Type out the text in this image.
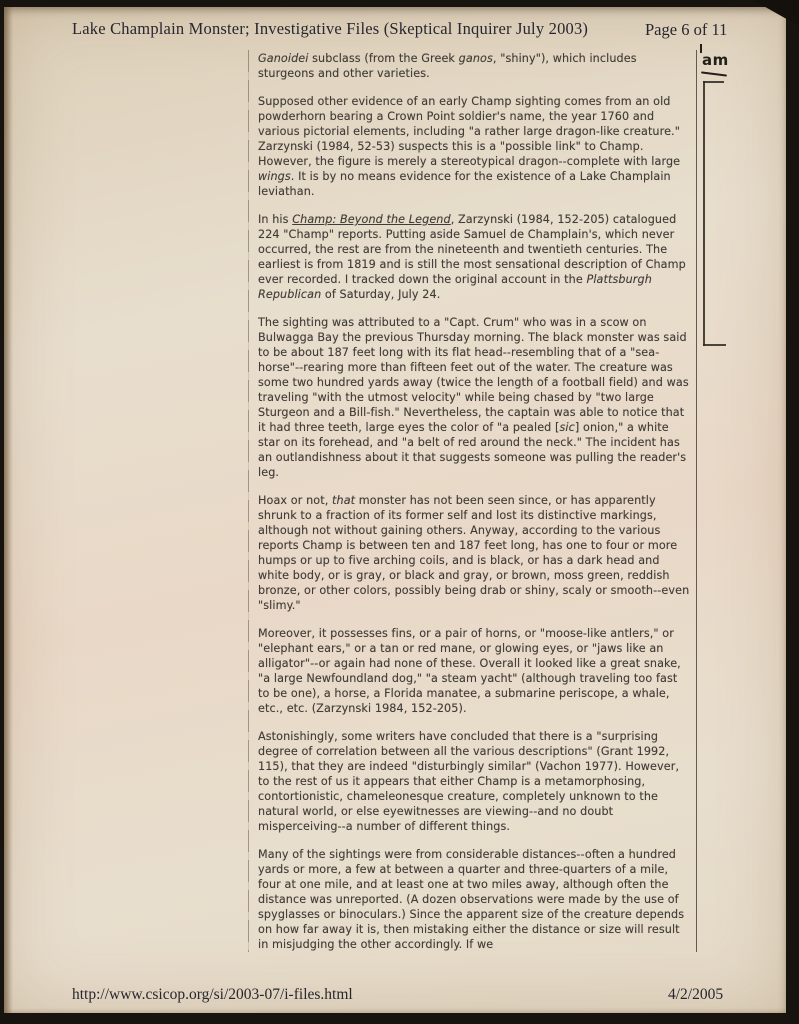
Lake Champlain Monster; Investigative Files (Skeptical Inquirer July 2003)	Page 6 of 11

Ganoidei subclass (from the Greek ganos, "shiny"), which includes sturgeons and other varieties.

Supposed other evidence of an early Champ sighting comes from an old powderhorn bearing a Crown Point soldier's name, the year 1760 and various pictorial elements, including "a rather large dragon-like creature." Zarzynski (1984, 52-53) suspects this is a "possible link" to Champ. However, the figure is merely a stereotypical dragon--complete with large wings. It is by no means evidence for the existence of a Lake Champlain leviathan.

In his Champ: Beyond the Legend, Zarzynski (1984, 152-205) catalogued 224 "Champ" reports. Putting aside Samuel de Champlain's, which never occurred, the rest are from the nineteenth and twentieth centuries. The earliest is from 1819 and is still the most sensational description of Champ ever recorded. I tracked down the original account in the Plattsburgh Republican of Saturday, July 24.

The sighting was attributed to a "Capt. Crum" who was in a scow on Bulwagga Bay the previous Thursday morning. The black monster was said to be about 187 feet long with its flat head--resembling that of a "sea-horse"--rearing more than fifteen feet out of the water. The creature was some two hundred yards away (twice the length of a football field) and was traveling "with the utmost velocity" while being chased by "two large Sturgeon and a Bill-fish." Nevertheless, the captain was able to notice that it had three teeth, large eyes the color of "a pealed [sic] onion," a white star on its forehead, and "a belt of red around the neck." The incident has an outlandishness about it that suggests someone was pulling the reader's leg.

Hoax or not, that monster has not been seen since, or has apparently shrunk to a fraction of its former self and lost its distinctive markings, although not without gaining others. Anyway, according to the various reports Champ is between ten and 187 feet long, has one to four or more humps or up to five arching coils, and is black, or has a dark head and white body, or is gray, or black and gray, or brown, moss green, reddish bronze, or other colors, possibly being drab or shiny, scaly or smooth--even "slimy."

Moreover, it possesses fins, or a pair of horns, or "moose-like antlers," or "elephant ears," or a tan or red mane, or glowing eyes, or "jaws like an alligator"--or again had none of these. Overall it looked like a great snake, "a large Newfoundland dog," "a steam yacht" (although traveling too fast to be one), a horse, a Florida manatee, a submarine periscope, a whale, etc., etc. (Zarzynski 1984, 152-205).

Astonishingly, some writers have concluded that there is a "surprising degree of correlation between all the various descriptions" (Grant 1992, 115), that they are indeed "disturbingly similar" (Vachon 1977). However, to the rest of us it appears that either Champ is a metamorphosing, contortionistic, chameleonesque creature, completely unknown to the natural world, or else eyewitnesses are viewing--and no doubt misperceiving--a number of different things.

Many of the sightings were from considerable distances--often a hundred yards or more, a few at between a quarter and three-quarters of a mile, four at one mile, and at least one at two miles away, although often the distance was unreported. (A dozen observations were made by the use of spyglasses or binoculars.) Since the apparent size of the creature depends on how far away it is, then mistaking either the distance or size will result in misjudging the other accordingly. If we

am
http://www.csicop.org/si/2003-07/i-files.html	4/2/2005
